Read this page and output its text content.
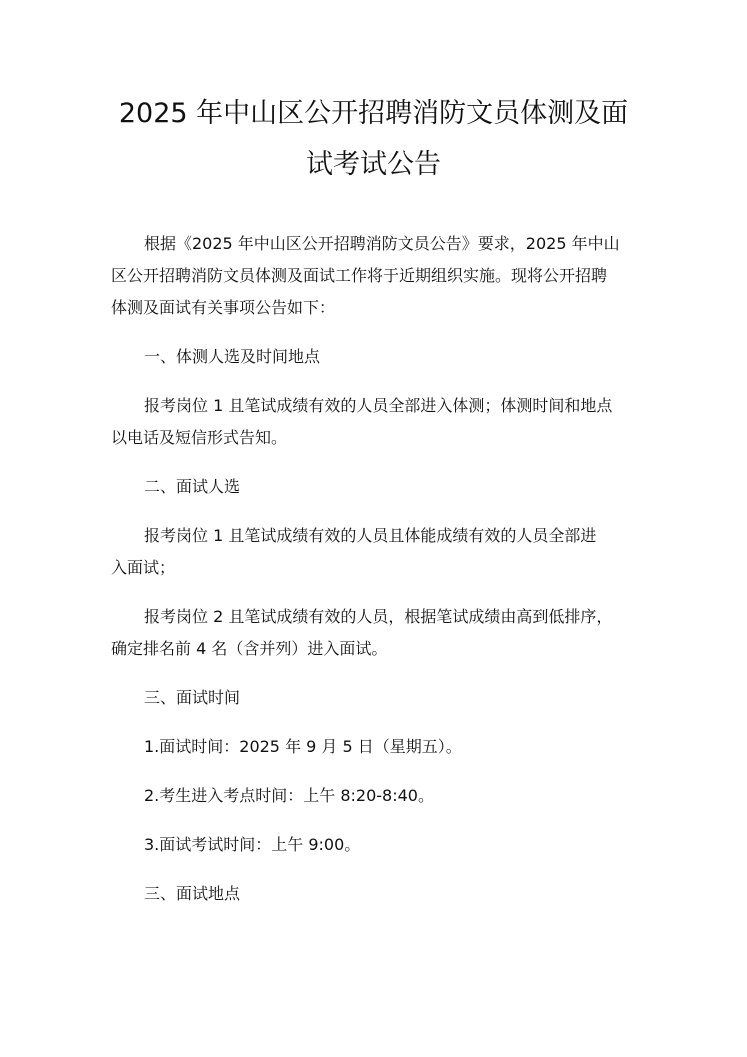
2025 年中山区公开招聘消防文员体测及面
试考试公告
根据《2025 年中山区公开招聘消防文员公告》要求，2025 年中山
区公开招聘消防文员体测及面试工作将于近期组织实施。现将公开招聘
体测及面试有关事项公告如下：
一、体测人选及时间地点
报考岗位 1 且笔试成绩有效的人员全部进入体测；体测时间和地点
以电话及短信形式告知。
二、面试人选
报考岗位 1 且笔试成绩有效的人员且体能成绩有效的人员全部进
入面试；
报考岗位 2 且笔试成绩有效的人员，根据笔试成绩由高到低排序，
确定排名前 4 名（含并列）进入面试。
三、面试时间
1.面试时间：2025 年 9 月 5 日（星期五）。
2.考生进入考点时间：上午 8:20-8:40。
3.面试考试时间：上午 9:00。
三、面试地点
